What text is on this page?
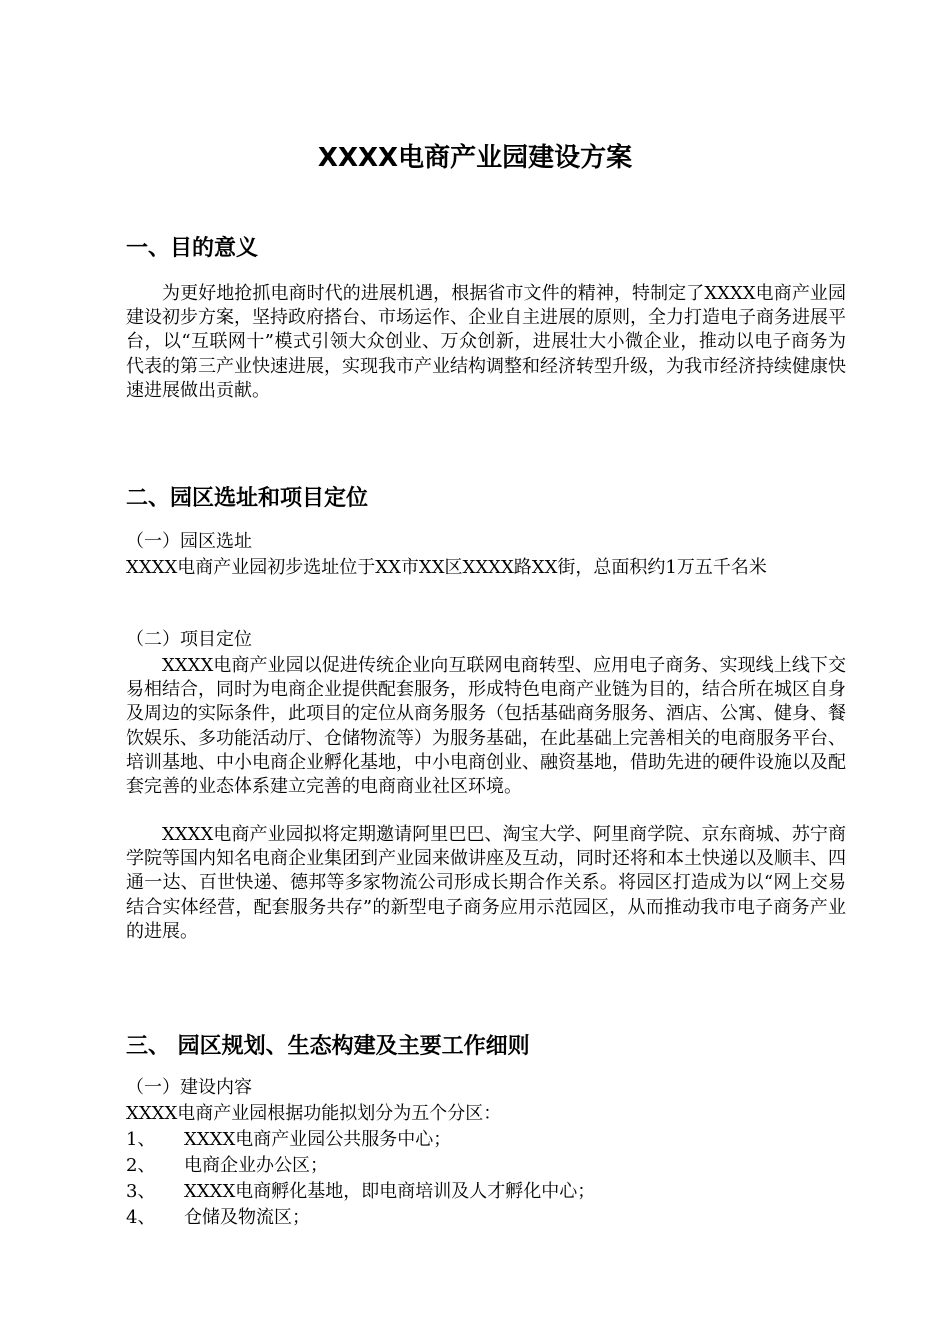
XXXX电商产业园建设方案
一、目的意义

为更好地抢抓电商时代的进展机遇，根据省市文件的精神，特制定了XXXX电商产业园建设初步方案，坚持政府搭台、市场运作、企业自主进展的原则，全力打造电子商务进展平台，以“互联网十”模式引领大众创业、万众创新，进展壮大小微企业，推动以电子商务为代表的第三产业快速进展，实现我市产业结构调整和经济转型升级，为我市经济持续健康快速进展做出贡献。

二、园区选址和项目定位
（一）园区选址

XXXX电商产业园初步选址位于XX市XX区XXXX路XX街，总面积约1万五千名米

（二）项目定位

XXXX电商产业园以促进传统企业向互联网电商转型、应用电子商务、实现线上线下交易相结合，同时为电商企业提供配套服务，形成特色电商产业链为目的，结合所在城区自身及周边的实际条件，此项目的定位从商务服务（包括基础商务服务、酒店、公寓、健身、餐饮娱乐、多功能活动厅、仓储物流等）为服务基础，在此基础上完善相关的电商服务平台、培训基地、中小电商企业孵化基地，中小电商创业、融资基地，借助先进的硬件设施以及配套完善的业态体系建立完善的电商商业社区环境。

XXXX电商产业园拟将定期邀请阿里巴巴、淘宝大学、阿里商学院、京东商城、苏宁商学院等国内知名电商企业集团到产业园来做讲座及互动，同时还将和本土快递以及顺丰、四通一达、百世快递、德邦等多家物流公司形成长期合作关系。将园区打造成为以“网上交易结合实体经营，配套服务共存”的新型电子商务应用示范园区，从而推动我市电子商务产业的进展。

三、 园区规划、生态构建及主要工作细则
（一）建设内容
XXXX电商产业园根据功能拟划分为五个分区：
1、	XXXX电商产业园公共服务中心；
2、	电商企业办公区；
3、	XXXX电商孵化基地，即电商培训及人才孵化中心；
4、	仓储及物流区；
